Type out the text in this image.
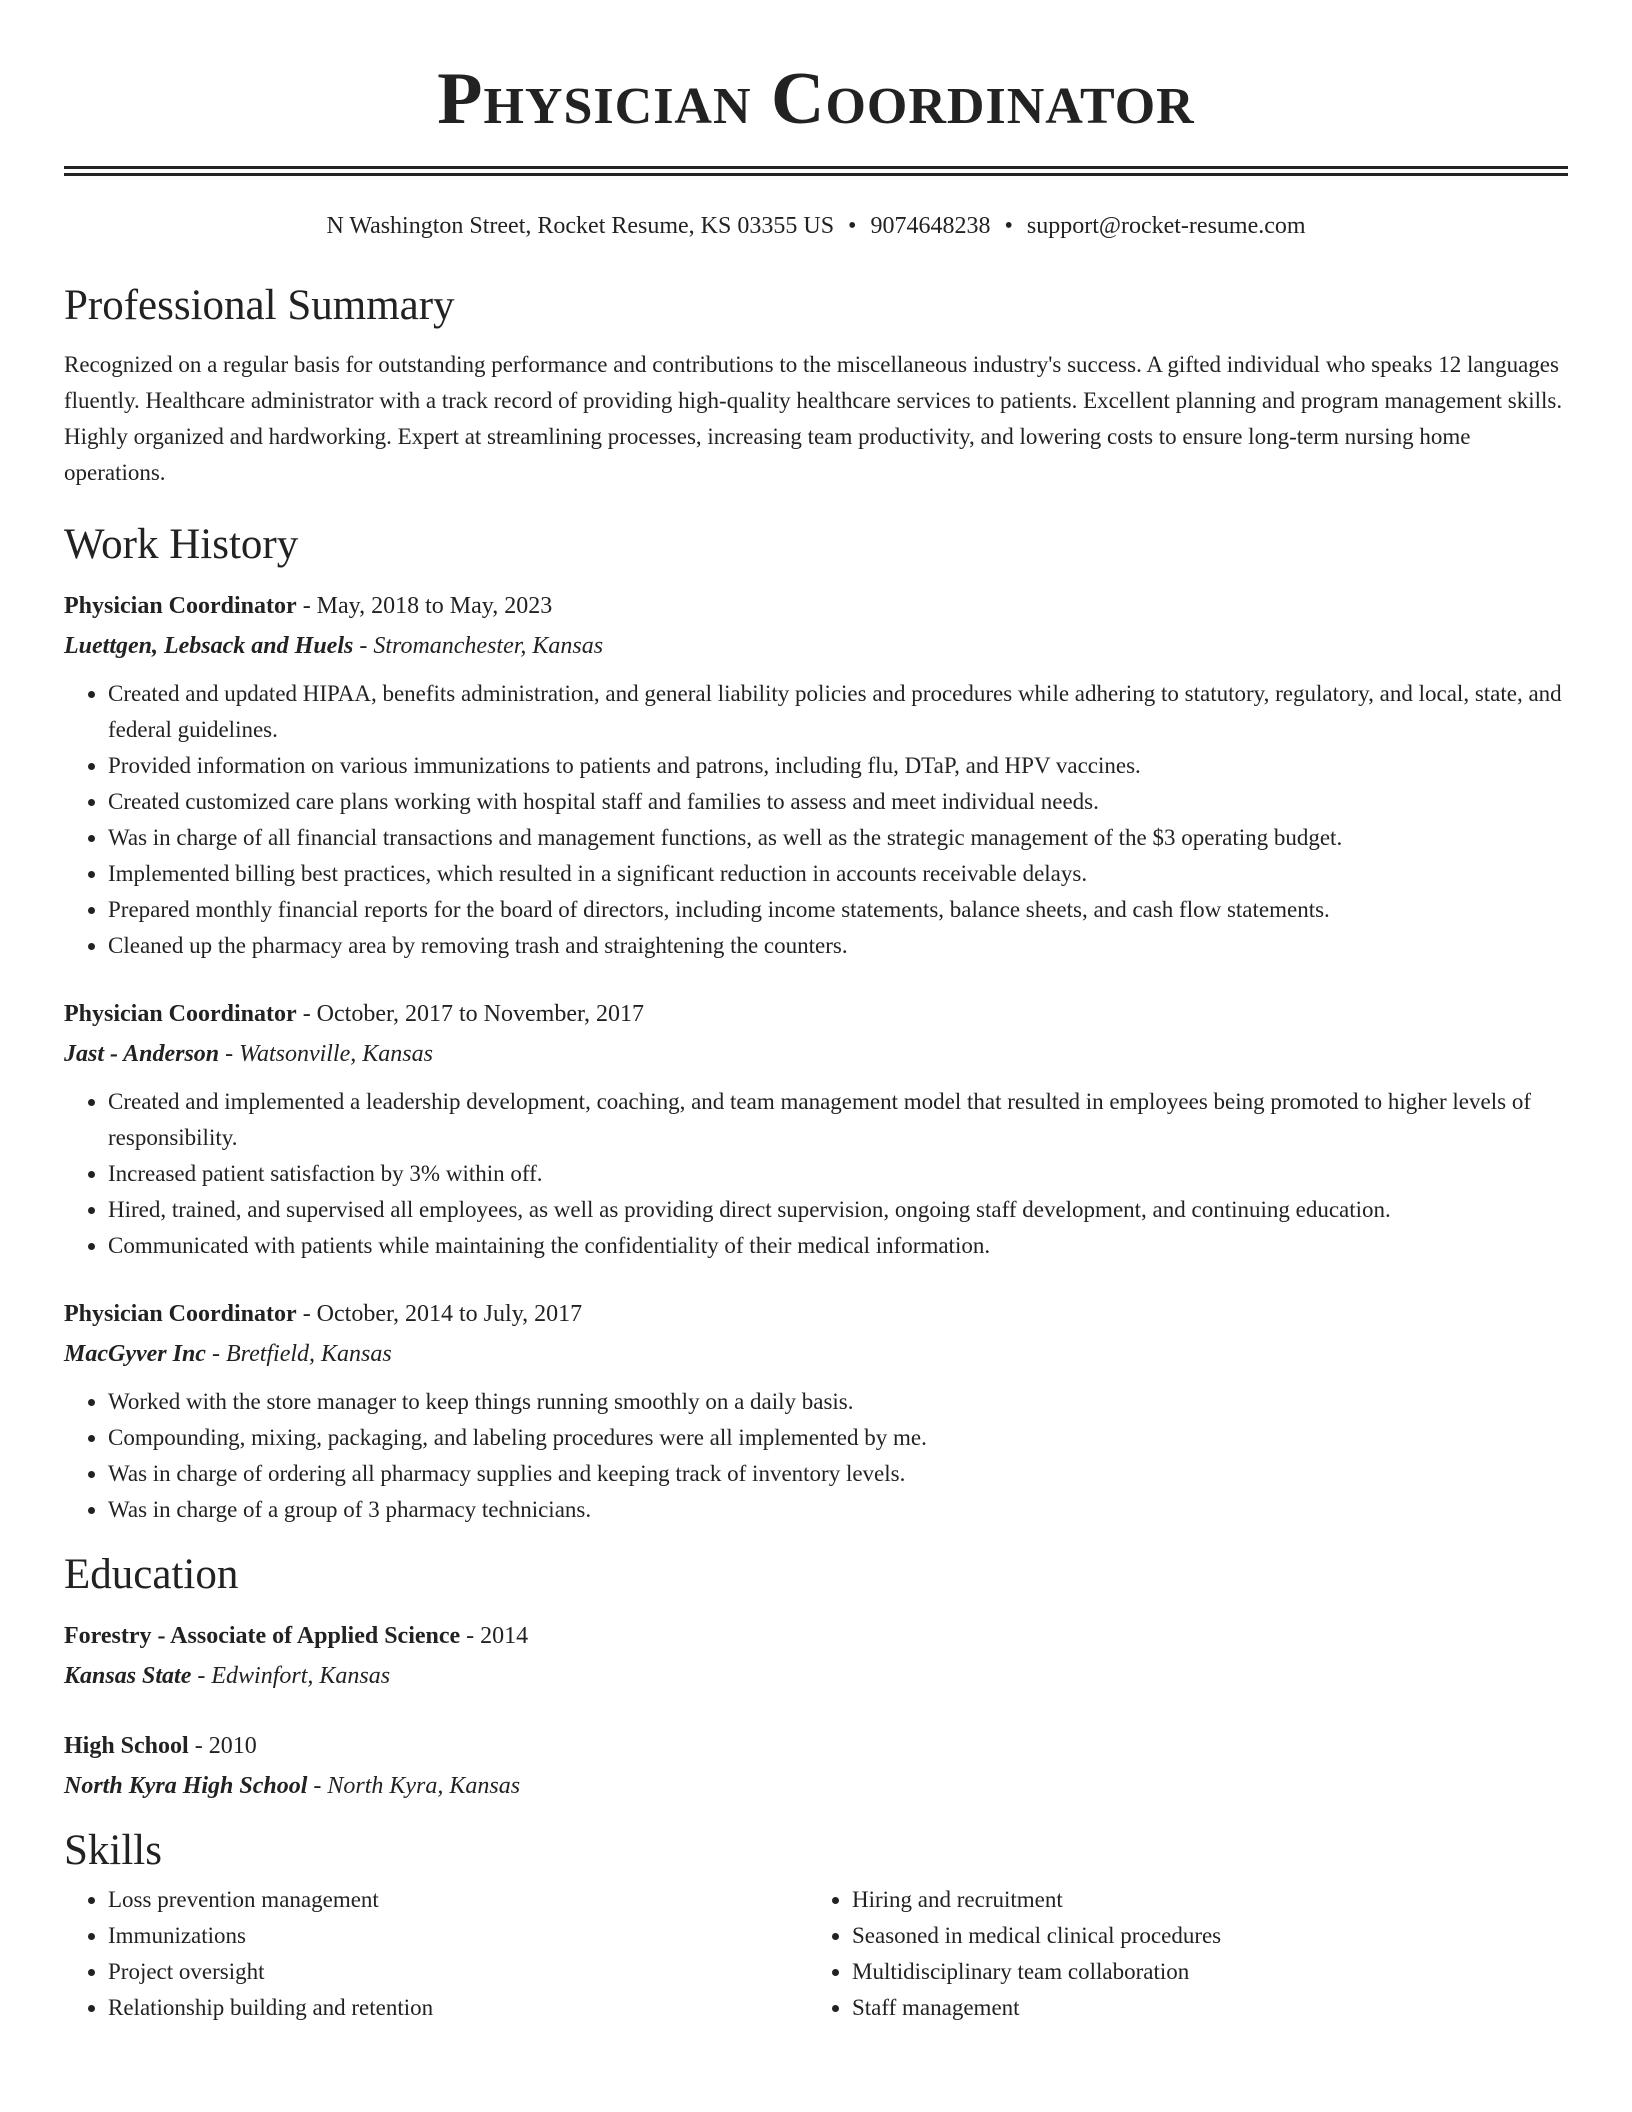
Physician Coordinator
N Washington Street, Rocket Resume, KS 03355 US • 9074648238 • support@rocket-resume.com
Professional Summary
Recognized on a regular basis for outstanding performance and contributions to the miscellaneous industry's success. A gifted individual who speaks 12 languages fluently. Healthcare administrator with a track record of providing high-quality healthcare services to patients. Excellent planning and program management skills. Highly organized and hardworking. Expert at streamlining processes, increasing team productivity, and lowering costs to ensure long-term nursing home operations.
Work History
Physician Coordinator - May, 2018 to May, 2023
Luettgen, Lebsack and Huels - Stromanchester, Kansas
• Created and updated HIPAA, benefits administration, and general liability policies and procedures while adhering to statutory, regulatory, and local, state, and federal guidelines.
• Provided information on various immunizations to patients and patrons, including flu, DTaP, and HPV vaccines.
• Created customized care plans working with hospital staff and families to assess and meet individual needs.
• Was in charge of all financial transactions and management functions, as well as the strategic management of the $3 operating budget.
• Implemented billing best practices, which resulted in a significant reduction in accounts receivable delays.
• Prepared monthly financial reports for the board of directors, including income statements, balance sheets, and cash flow statements.
• Cleaned up the pharmacy area by removing trash and straightening the counters.
Physician Coordinator - October, 2017 to November, 2017
Jast - Anderson - Watsonville, Kansas
• Created and implemented a leadership development, coaching, and team management model that resulted in employees being promoted to higher levels of responsibility.
• Increased patient satisfaction by 3% within off.
• Hired, trained, and supervised all employees, as well as providing direct supervision, ongoing staff development, and continuing education.
• Communicated with patients while maintaining the confidentiality of their medical information.
Physician Coordinator - October, 2014 to July, 2017
MacGyver Inc - Bretfield, Kansas
• Worked with the store manager to keep things running smoothly on a daily basis.
• Compounding, mixing, packaging, and labeling procedures were all implemented by me.
• Was in charge of ordering all pharmacy supplies and keeping track of inventory levels.
• Was in charge of a group of 3 pharmacy technicians.
Education
Forestry - Associate of Applied Science - 2014
Kansas State - Edwinfort, Kansas
High School - 2010
North Kyra High School - North Kyra, Kansas
Skills
• Loss prevention management
• Immunizations
• Project oversight
• Relationship building and retention
• Hiring and recruitment
• Seasoned in medical clinical procedures
• Multidisciplinary team collaboration
• Staff management
